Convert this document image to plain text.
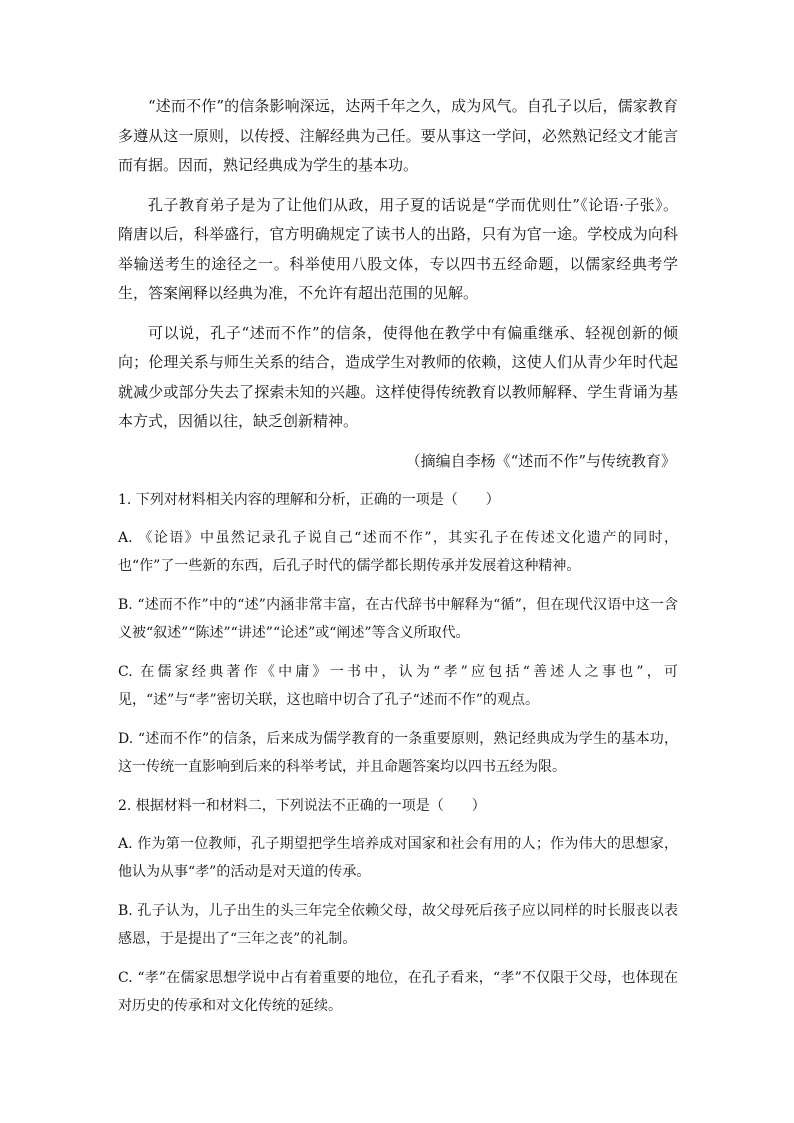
“述而不作”的信条影响深远，达两千年之久，成为风气。自孔子以后，儒家教育多遵从这一原则，以传授、注解经典为己任。要从事这一学问，必然熟记经文才能言而有据。因而，熟记经典成为学生的基本功。

孔子教育弟子是为了让他们从政，用子夏的话说是“学而优则仕”《论语·子张》。隋唐以后，科举盛行，官方明确规定了读书人的出路，只有为官一途。学校成为向科举输送考生的途径之一。科举使用八股文体，专以四书五经命题，以儒家经典考学生，答案阐释以经典为准，不允许有超出范围的见解。

可以说，孔子“述而不作”的信条，使得他在教学中有偏重继承、轻视创新的倾向；伦理关系与师生关系的结合，造成学生对教师的依赖，这使人们从青少年时代起就减少或部分失去了探索未知的兴趣。这样使得传统教育以教师解释、学生背诵为基本方式，因循以往，缺乏创新精神。

（摘编自李杨《“述而不作”与传统教育》
1. 下列对材料相关内容的理解和分析，正确的一项是（　　）
A. 《论语》中虽然记录孔子说自己“述而不作”，其实孔子在传述文化遗产的同时，也“作”了一些新的东西，后孔子时代的儒学都长期传承并发展着这种精神。
B. “述而不作”中的“述”内涵非常丰富，在古代辞书中解释为“循”，但在现代汉语中这一含义被“叙述”“陈述”“讲述”“论述”或“阐述”等含义所取代。
C. 在儒家经典著作《中庸》一书中，认为“孝”应包括“善述人之事也”，可见，“述”与“孝”密切关联，这也暗中切合了孔子“述而不作”的观点。
D. “述而不作”的信条，后来成为儒学教育的一条重要原则，熟记经典成为学生的基本功，这一传统一直影响到后来的科举考试，并且命题答案均以四书五经为限。
2. 根据材料一和材料二，下列说法不正确的一项是（　　）
A. 作为第一位教师，孔子期望把学生培养成对国家和社会有用的人；作为伟大的思想家，他认为从事“孝”的活动是对天道的传承。
B. 孔子认为，儿子出生的头三年完全依赖父母，故父母死后孩子应以同样的时长服丧以表感恩，于是提出了“三年之丧”的礼制。
C. “孝”在儒家思想学说中占有着重要的地位，在孔子看来，“孝”不仅限于父母，也体现在对历史的传承和对文化传统的延续。
